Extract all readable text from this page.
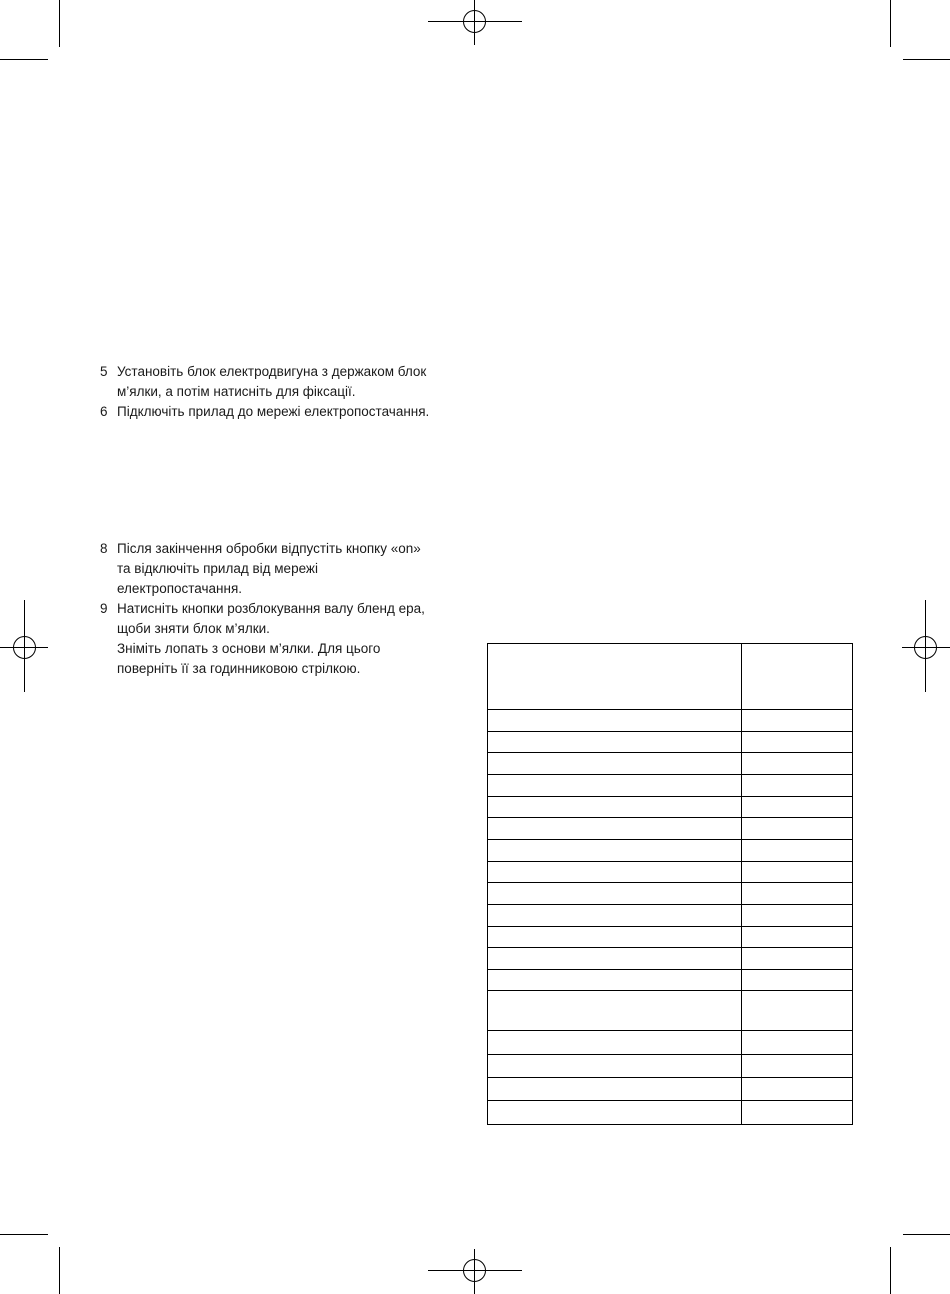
5 Установіть блок електродвигуна з держаком блок
м’ялки, а потім натисніть для фіксації.
6 Підключіть прилад до мережі електропостачання.
8 Після закінчення обробки відпустіть кнопку «on»
та відключіть прилад від мережі
електропостачання.
9 Натисніть кнопки розблокування валу бленд ера,
щоби зняти блок м’ялки.
Зніміть лопать з основи м’ялки. Для цього
поверніть її за годинниковою стрілкою.
